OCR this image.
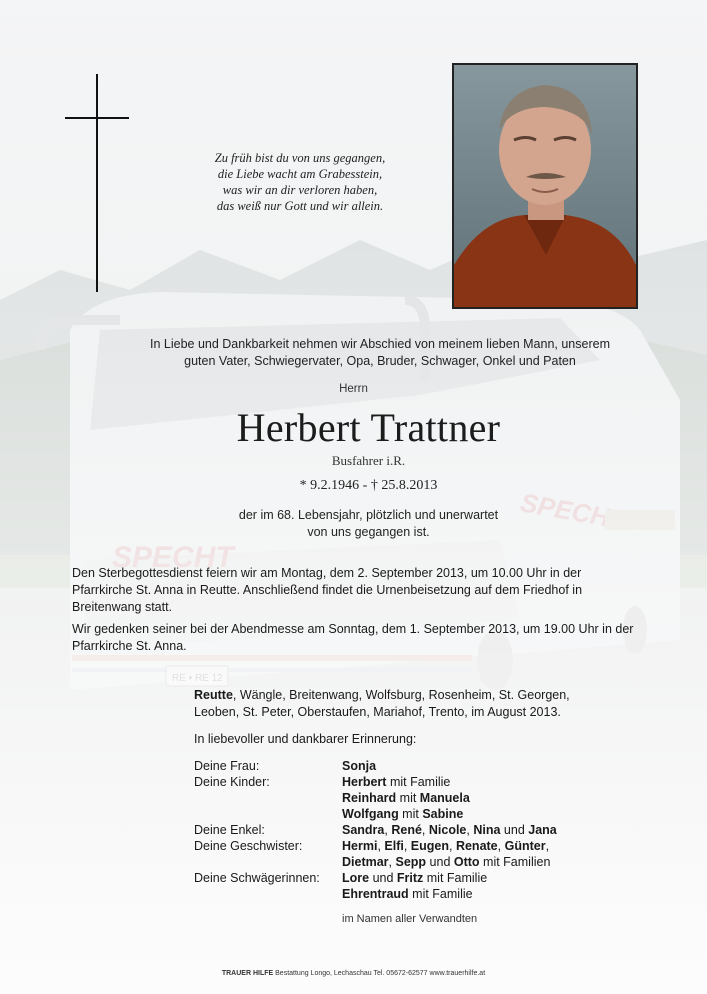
Zu früh bist du von uns gegangen,
die Liebe wacht am Grabesstein,
was wir an dir verloren haben,
das weiß nur Gott und wir allein.
In Liebe und Dankbarkeit nehmen wir Abschied von meinem lieben Mann, unserem
guten Vater, Schwiegervater, Opa, Bruder, Schwager, Onkel und Paten
Herrn
Herbert Trattner
Busfahrer i.R.
* 9.2.1946 - † 25.8.2013
der im 68. Lebensjahr, plötzlich und unerwartet
von uns gegangen ist.
Den Sterbegottesdienst feiern wir am Montag, dem 2. September 2013, um 10.00 Uhr in der Pfarrkirche St. Anna in Reutte. Anschließend findet die Urnenbeisetzung auf dem Friedhof in Breitenwang statt.
Wir gedenken seiner bei der Abendmesse am Sonntag, dem 1. September 2013, um 19.00 Uhr in der Pfarrkirche St. Anna.
Reutte, Wängle, Breitenwang, Wolfsburg, Rosenheim, St. Georgen, Leoben, St. Peter, Oberstaufen, Mariahof, Trento, im August 2013.
In liebevoller und dankbarer Erinnerung:
Deine Frau:	Sonja
Deine Kinder:	Herbert mit Familie
Reinhard mit Manuela
Wolfgang mit Sabine
Deine Enkel:	Sandra, René, Nicole, Nina und Jana
Deine Geschwister:	Hermi, Elfi, Eugen, Renate, Günter,
Dietmar, Sepp und Otto mit Familien
Deine Schwägerinnen:	Lore und Fritz mit Familie
Ehrentraud mit Familie
im Namen aller Verwandten
TRAUER HILFE Bestattung Longo, Lechaschau Tel. 05672-62577 www.trauerhilfe.at
